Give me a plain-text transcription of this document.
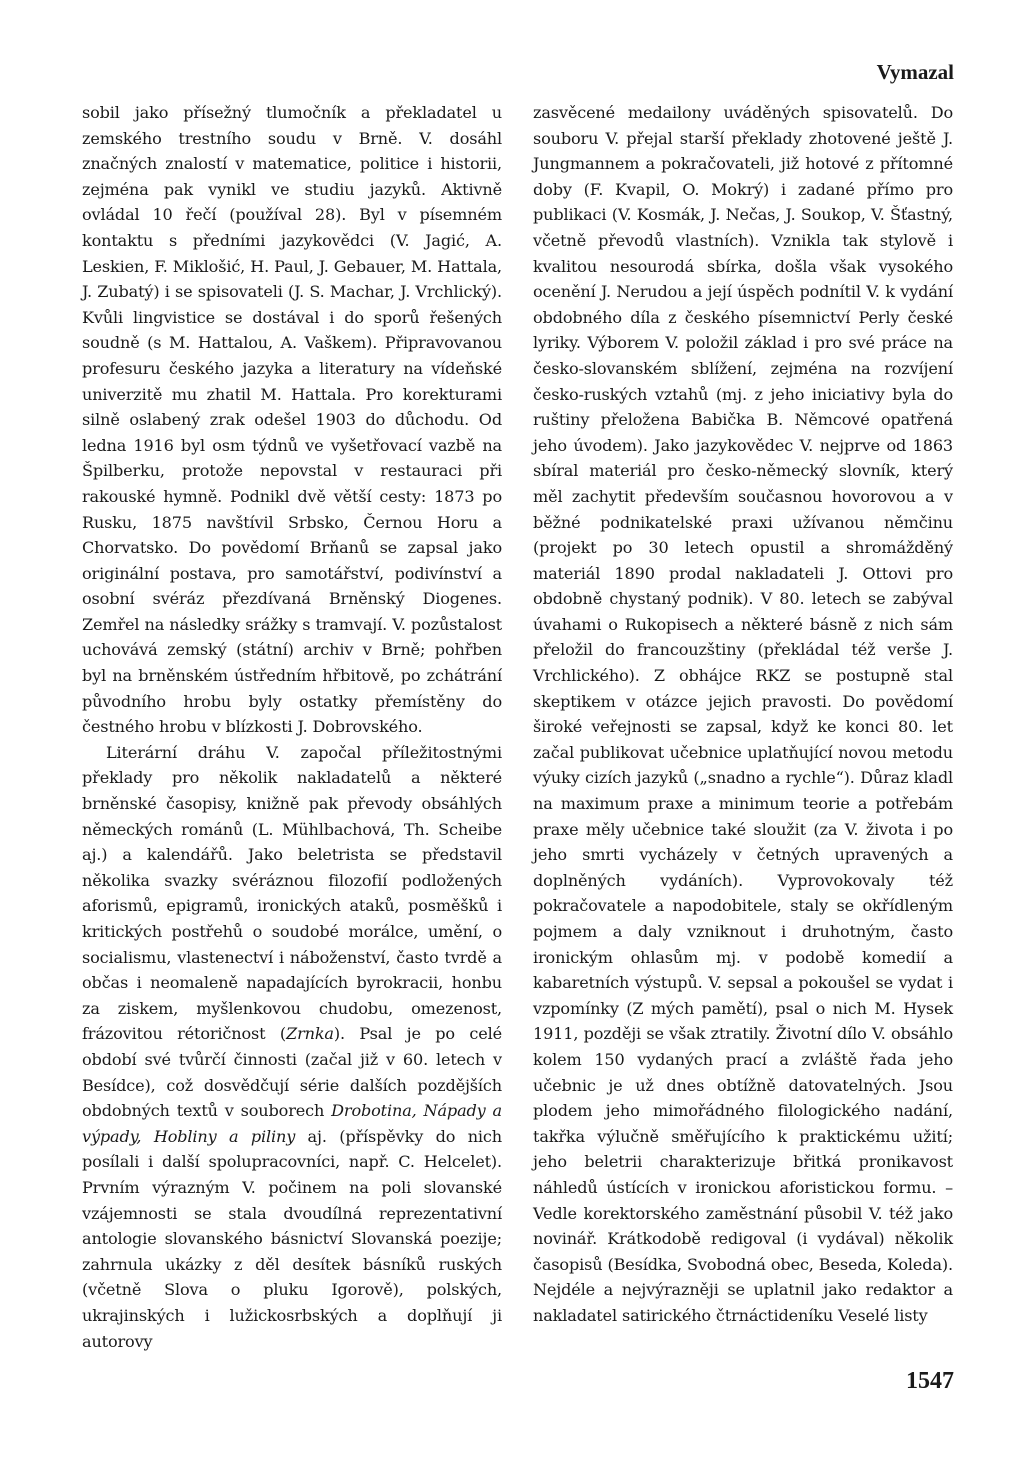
Vymazal

sobil jako přísežný tlumočník a překladatel u zemského trestního soudu v Brně. V. dosáhl značných znalostí v matematice, politice i historii, zejména pak vynikl ve studiu jazyků. Aktivně ovládal 10 řečí (používal 28). Byl v písemném kontaktu s předními jazykovědci (V. Jagić, A. Leskien, F. Miklošić, H. Paul, J. Gebauer, M. Hattala, J. Zubatý) i se spisovateli (J. S. Machar, J. Vrchlický). Kvůli lingvistice se dostával i do sporů řešených soudně (s M. Hattalou, A. Vaškem). Připravovanou profesuru českého jazyka a literatury na vídeňské univerzitě mu zhatil M. Hattala. Pro korekturami silně oslabený zrak odešel 1903 do důchodu. Od ledna 1916 byl osm týdnů ve vyšetřovací vazbě na Špilberku, protože nepovstal v restauraci při rakouské hymně. Podnikl dvě větší cesty: 1873 po Rusku, 1875 navštívil Srbsko, Černou Horu a Chorvatsko. Do povědomí Brňanů se zapsal jako originální postava, pro samotářství, podivínství a osobní svéráz přezdívaná Brněnský Diogenes. Zemřel na následky srážky s tramvají. V. pozůstalost uchovává zemský (státní) archiv v Brně; pohřben byl na brněnském ústředním hřbitově, po zchátrání původního hrobu byly ostatky přemístěny do čestného hrobu v blízkosti J. Dobrovského.

Literární dráhu V. započal příležitostnými překlady pro několik nakladatelů a některé brněnské časopisy, knižně pak převody obsáhlých německých románů (L. Mühlbachová, Th. Scheibe aj.) a kalendářů. Jako beletrista se představil několika svazky svéráznou filozofií podložených aforismů, epigramů, ironických ataků, posměšků i kritických postřehů o soudobé morálce, umění, o socialismu, vlastenectví i náboženství, často tvrdě a občas i neomaleně napadajících byrokracii, honbu za ziskem, myšlenkovou chudobu, omezenost, frázovitou rétoričnost (Zrnka). Psal je po celé období své tvůrčí činnosti (začal již v 60. letech v Besídce), což dosvědčují série dalších pozdějších obdobných textů v souborech Drobotina, Nápady a výpady, Hobliny a piliny aj. (příspěvky do nich posílali i další spolupracovníci, např. C. Helcelet). Prvním výrazným V. počinem na poli slovanské vzájemnosti se stala dvoudílná reprezentativní antologie slovanského básnictví Slovanská poezije; zahrnula ukázky z děl desítek básníků ruských (včetně Slova o pluku Igorově), polských, ukrajinských i lužickosrbských a doplňují ji autorovy

zasvěcené medailony uváděných spisovatelů. Do souboru V. přejal starší překlady zhotovené ještě J. Jungmannem a pokračovateli, již hotové z přítomné doby (F. Kvapil, O. Mokrý) i zadané přímo pro publikaci (V. Kosmák, J. Nečas, J. Soukop, V. Šťastný, včetně převodů vlastních). Vznikla tak stylově i kvalitou nesourodá sbírka, došla však vysokého ocenění J. Nerudou a její úspěch podnítil V. k vydání obdobného díla z českého písemnictví Perly české lyriky. Výborem V. položil základ i pro své práce na česko-slovanském sblížení, zejména na rozvíjení česko-ruských vztahů (mj. z jeho iniciativy byla do ruštiny přeložena Babička B. Němcové opatřená jeho úvodem). Jako jazykovědec V. nejprve od 1863 sbíral materiál pro česko-německý slovník, který měl zachytit především současnou hovorovou a v běžné podnikatelské praxi užívanou němčinu (projekt po 30 letech opustil a shromážděný materiál 1890 prodal nakladateli J. Ottovi pro obdobně chystaný podnik). V 80. letech se zabýval úvahami o Rukopisech a některé básně z nich sám přeložil do francouzštiny (překládal též verše J. Vrchlického). Z obhájce RKZ se postupně stal skeptikem v otázce jejich pravosti. Do povědomí široké veřejnosti se zapsal, když ke konci 80. let začal publikovat učebnice uplatňující novou metodu výuky cizích jazyků („snadno a rychle“). Důraz kladl na maximum praxe a minimum teorie a potřebám praxe měly učebnice také sloužit (za V. života i po jeho smrti vycházely v četných upravených a doplněných vydáních). Vyprovokovaly též pokračovatele a napodobitele, staly se okřídleným pojmem a daly vzniknout i druhotným, často ironickým ohlasům mj. v podobě komedií a kabaretních výstupů. V. sepsal a pokoušel se vydat i vzpomínky (Z mých pamětí), psal o nich M. Hysek 1911, později se však ztratily. Životní dílo V. obsáhlo kolem 150 vydaných prací a zvláště řada jeho učebnic je už dnes obtížně datovatelných. Jsou plodem jeho mimořádného filologického nadání, takřka výlučně směřujícího k praktickému užití; jeho beletrii charakterizuje břitká pronikavost náhledů ústících v ironickou aforistickou formu. – Vedle korektorského zaměstnání působil V. též jako novinář. Krátkodobě redigoval (i vydával) několik časopisů (Besídka, Svobodná obec, Beseda, Koleda). Nejdéle a nejvýrazněji se uplatnil jako redaktor a nakladatel satirického čtrnáctideníku Veselé listy

1547
